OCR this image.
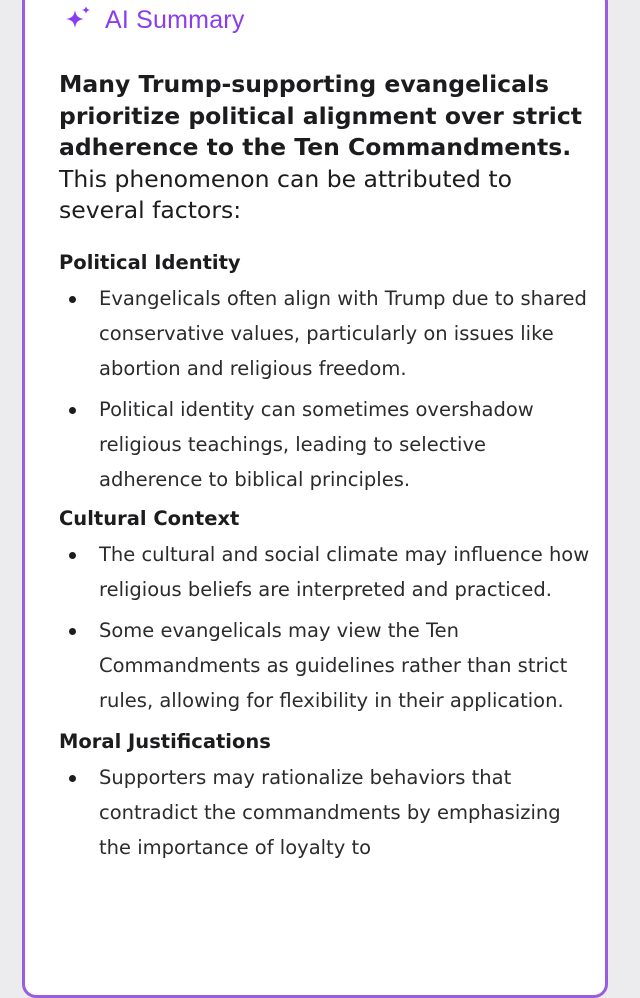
AI Summary

Many Trump-supporting evangelicals prioritize political alignment over strict adherence to the Ten Commandments. This phenomenon can be attributed to several factors:

Political Identity
Evangelicals often align with Trump due to shared conservative values, particularly on issues like abortion and religious freedom.
Political identity can sometimes overshadow religious teachings, leading to selective adherence to biblical principles.
Cultural Context
The cultural and social climate may influence how religious beliefs are interpreted and practiced.
Some evangelicals may view the Ten Commandments as guidelines rather than strict rules, allowing for flexibility in their application.
Moral Justifications
Supporters may rationalize behaviors that contradict the commandments by emphasizing the importance of loyalty to
